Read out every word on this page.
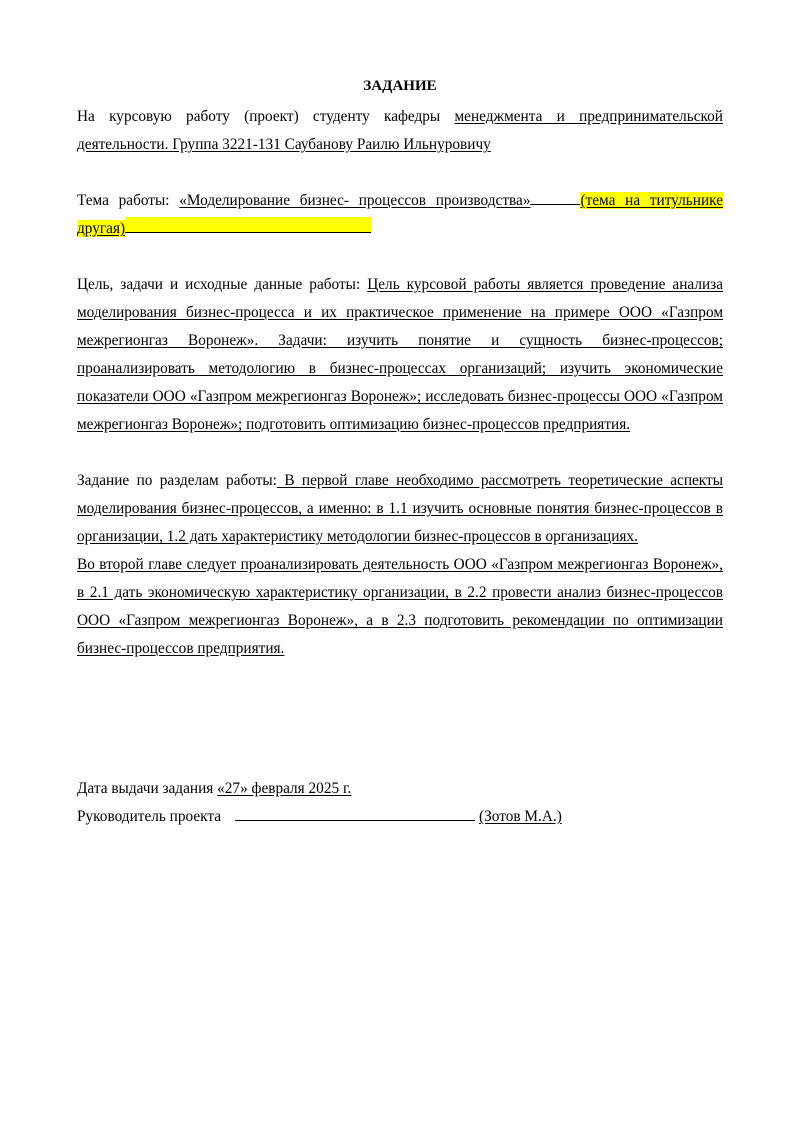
ЗАДАНИЕ

На курсовую работу (проект) студенту кафедры менеджмента и предпринимательской деятельности. Группа 3221-131 Саубанову Раилю Ильнуровичу

Тема работы: «Моделирование бизнес- процессов производства»	(тема на титульнике другая)

Цель, задачи и исходные данные работы: Цель курсовой работы является проведение анализа моделирования бизнес-процесса и их практическое применение на примере ООО «Газпром межрегионгаз Воронеж». Задачи: изучить понятие и сущность бизнес-процессов; проанализировать методологию в бизнес-процессах организаций; изучить экономические показатели ООО «Газпром межрегионгаз Воронеж»; исследовать бизнес-процессы ООО «Газпром межрегионгаз Воронеж»; подготовить оптимизацию бизнес-процессов предприятия.

Задание по разделам работы: В первой главе необходимо рассмотреть теоретические аспекты моделирования бизнес-процессов, а именно: в 1.1 изучить основные понятия бизнес-процессов в организации, 1.2 дать характеристику методологии бизнес-процессов в организациях.

Во второй главе следует проанализировать деятельность ООО «Газпром межрегионгаз Воронеж», в 2.1 дать экономическую характеристику организации, в 2.2 провести анализ бизнес-процессов ООО «Газпром межрегионгаз Воронеж», а в 2.3 подготовить рекомендации по оптимизации бизнес-процессов предприятия.

Дата выдачи задания «27» февраля 2025 г.

Руководитель проекта	(Зотов М.А.)
